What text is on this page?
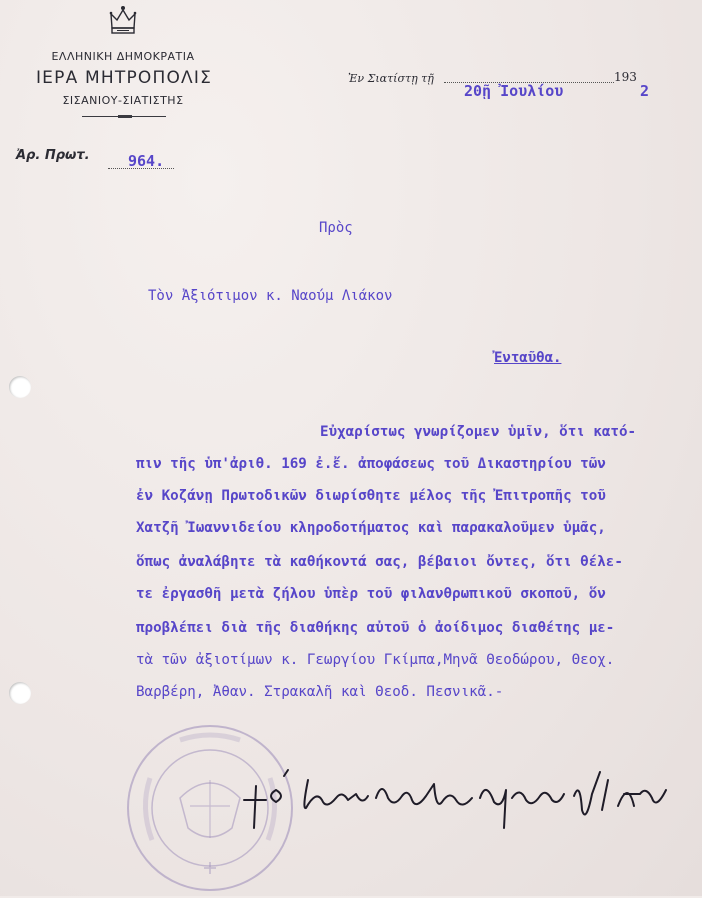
ΕΛΛΗΝΙΚΗ ΔΗΜΟΚΡΑΤΙΑ
ΙΕΡΑ ΜΗΤΡΟΠΟΛΙΣ
ΣΙΣΑΝΙΟΥ-ΣΙΑΤΙΣΤΗΣ
Ἐν Σιατίστῃ τῇ	193
20ῇ Ἰουλίου	2
Ἀρ. Πρωτ.	964.
Πρὸς
Τὸν Ἀξιότιμον κ. Ναούμ Λιάκον
Ἐνταῦθα.
Εὐχαρίστως γνωρίζομεν ὑμῖν, ὅτι κατό-
πιν τῆς ὑπ'ἀριθ. 169 ἐ.ἔ. ἀποφάσεως τοῦ Δικαστηρίου τῶν
ἐν Κοζάνῃ Πρωτοδικῶν διωρίσθητε μέλος τῆς Ἐπιτροπῆς τοῦ
Χατζῆ Ἰωαννιδείου κληροδοτήματος καὶ παρακαλοῦμεν ὑμᾶς,
ὅπως ἀναλάβητε τὰ καθήκοντά σας, βέβαιοι ὄντες, ὅτι θέλε-
τε ἐργασθῆ μετὰ ζήλου ὑπὲρ τοῦ φιλανθρωπικοῦ σκοποῦ, ὅν
προβλέπει διὰ τῆς διαθήκης αὐτοῦ ὁ ἀοίδιμος διαθέτης με-
τὰ τῶν ἀξιοτίμων κ. Γεωργίου Γκίμπα,Μηνᾶ Θεοδώρου, Θεοχ.
Βαρβέρη, Ἀθαν. Στρακαλῆ καὶ Θεοδ. Πεσνικᾶ.-
